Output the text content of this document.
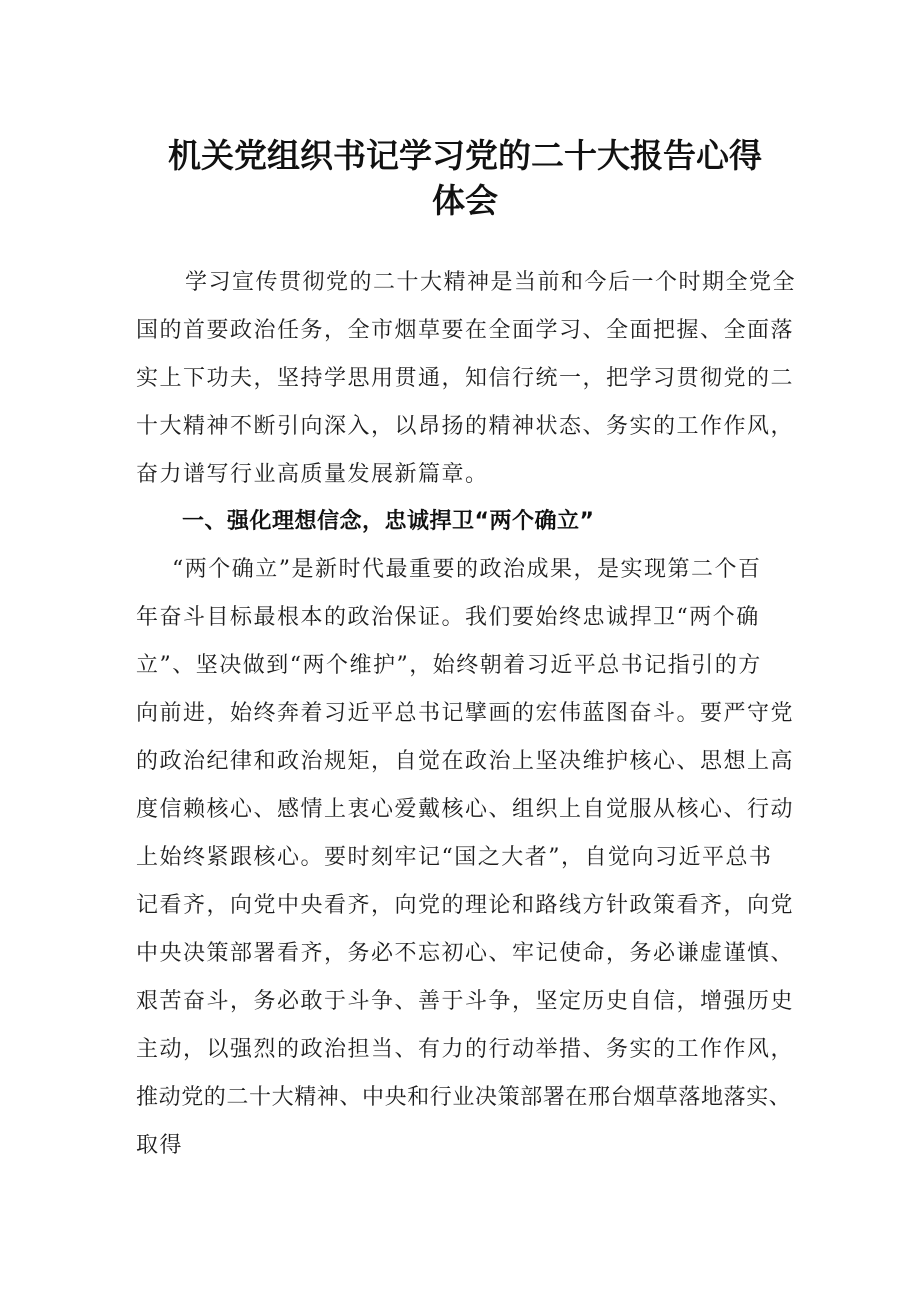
机关党组织书记学习党的二十大报告心得
体会
学习宣传贯彻党的二十大精神是当前和今后一个时期全党全
国的首要政治任务，全市烟草要在全面学习、全面把握、全面落
实上下功夫，坚持学思用贯通，知信行统一，把学习贯彻党的二
十大精神不断引向深入，以昂扬的精神状态、务实的工作作风，
奋力谱写行业高质量发展新篇章。
一、强化理想信念，忠诚捍卫“两个确立”
“两个确立”是新时代最重要的政治成果，是实现第二个百
年奋斗目标最根本的政治保证。我们要始终忠诚捍卫“两个确
立”、坚决做到“两个维护”，始终朝着习近平总书记指引的方
向前进，始终奔着习近平总书记擘画的宏伟蓝图奋斗。要严守党
的政治纪律和政治规矩，自觉在政治上坚决维护核心、思想上高
度信赖核心、感情上衷心爱戴核心、组织上自觉服从核心、行动
上始终紧跟核心。要时刻牢记“国之大者”，自觉向习近平总书
记看齐，向党中央看齐，向党的理论和路线方针政策看齐，向党
中央决策部署看齐，务必不忘初心、牢记使命，务必谦虚谨慎、
艰苦奋斗，务必敢于斗争、善于斗争，坚定历史自信，增强历史
主动，以强烈的政治担当、有力的行动举措、务实的工作作风，
推动党的二十大精神、中央和行业决策部署在邢台烟草落地落实、
取得
